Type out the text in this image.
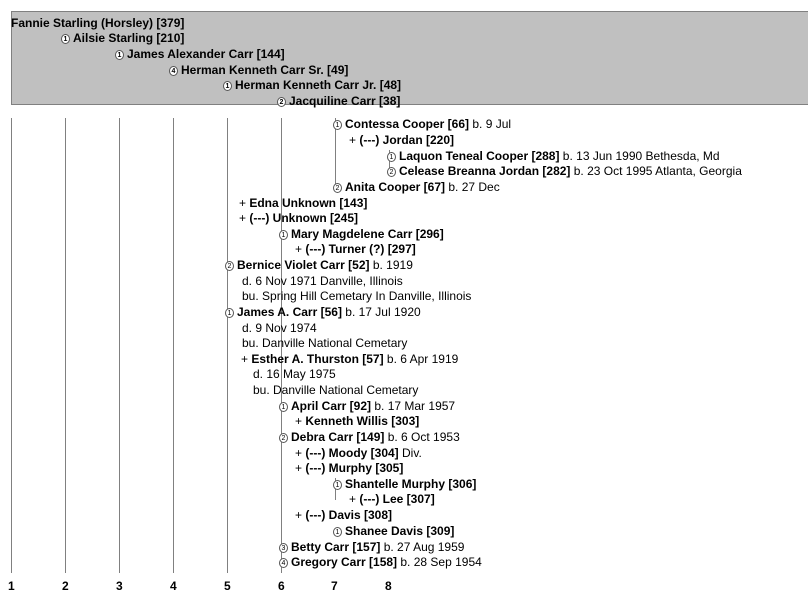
Fannie Starling (Horsley) [379]
1 Ailsie Starling [210]
1 James Alexander Carr [144]
4 Herman Kenneth Carr Sr. [49]
1 Herman Kenneth Carr Jr. [48]
2 Jacquiline Carr [38]
1 Contessa Cooper [66] b. 9 Jul
+ (---) Jordan [220]
1 Laquon Teneal Cooper [288] b. 13 Jun 1990 Bethesda, Md
2 Celease Breanna Jordan [282] b. 23 Oct 1995 Atlanta, Georgia
2 Anita Cooper [67] b. 27 Dec
+ Edna Unknown [143]
+ (---) Unknown [245]
1 Mary Magdelene Carr [296]
+ (---) Turner (?) [297]
2 Bernice Violet Carr [52] b. 1919
d. 6 Nov 1971 Danville, Illinois
bu. Spring Hill Cemetary In Danville, Illinois
1 James A. Carr [56] b. 17 Jul 1920
d. 9 Nov 1974
bu. Danville National Cemetary
+ Esther A. Thurston [57] b. 6 Apr 1919
d. 16 May 1975
bu. Danville National Cemetary
1 April Carr [92] b. 17 Mar 1957
+ Kenneth Willis [303]
2 Debra Carr [149] b. 6 Oct 1953
+ (---) Moody [304] Div.
+ (---) Murphy [305]
1 Shantelle Murphy [306]
+ (---) Lee [307]
+ (---) Davis [308]
1 Shanee Davis [309]
3 Betty Carr [157] b. 27 Aug 1959
4 Gregory Carr [158] b. 28 Sep 1954
1	2	3	4	5	6	7	8
